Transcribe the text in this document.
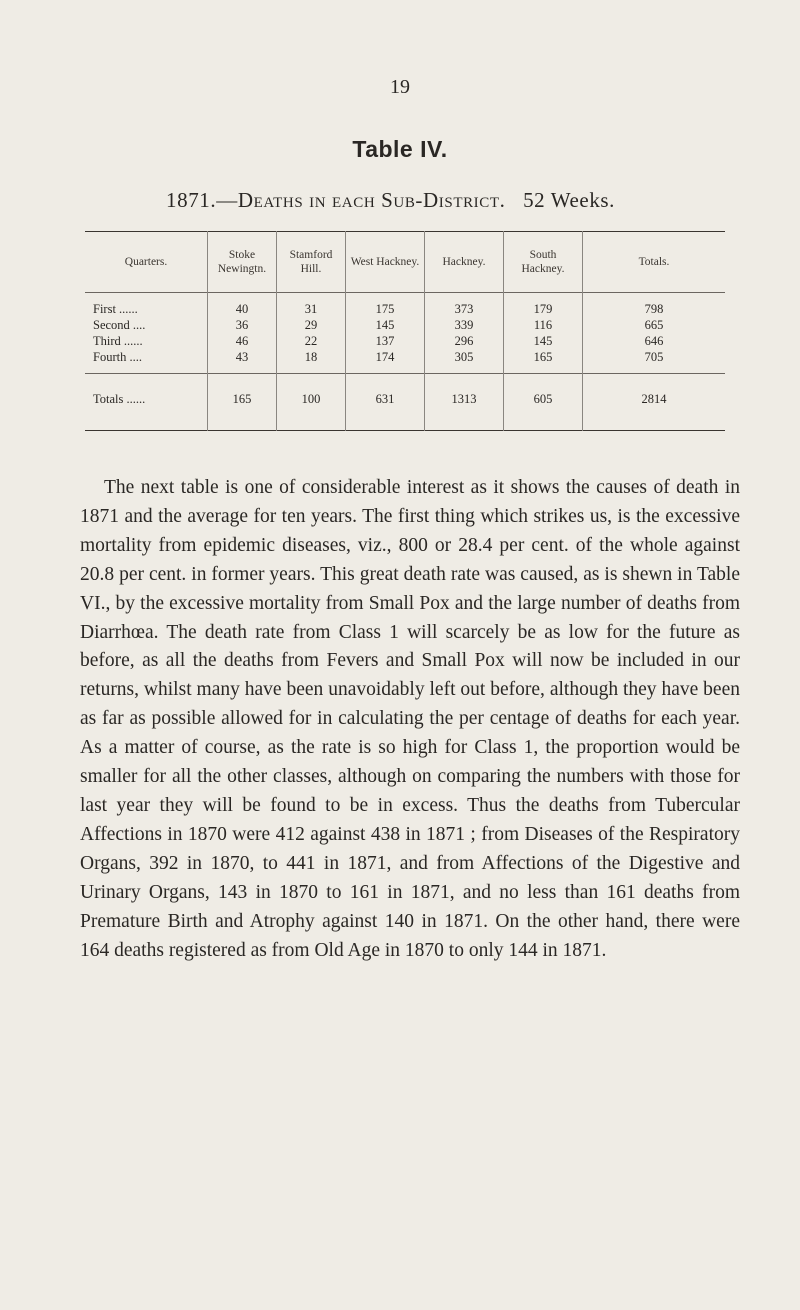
19
Table IV.
1871.—Deaths in each Sub-District. 52 Weeks.
Quarters.	Stoke Newingtn.	Stamford Hill.	West Hackney.	Hackney.	South Hackney.	Totals.
First ......	40	31	175	373	179	798
Second ....	36	29	145	339	116	665
Third ......	46	22	137	296	145	646
Fourth ....	43	18	174	305	165	705
Totals ......	165	100	631	1313	605	2814

The next table is one of considerable interest as it shows the causes of death in 1871 and the average for ten years. The first thing which strikes us, is the excessive mortality from epidemic diseases, viz., 800 or 28.4 per cent. of the whole against 20.8 per cent. in former years. This great death rate was caused, as is shewn in Table VI., by the excessive mortality from Small Pox and the large number of deaths from Diarrhœa. The death rate from Class 1 will scarcely be as low for the future as before, as all the deaths from Fevers and Small Pox will now be included in our returns, whilst many have been unavoidably left out before, although they have been as far as possible allowed for in calculating the per centage of deaths for each year. As a matter of course, as the rate is so high for Class 1, the proportion would be smaller for all the other classes, although on comparing the numbers with those for last year they will be found to be in excess. Thus the deaths from Tubercular Affections in 1870 were 412 against 438 in 1871 ; from Diseases of the Respiratory Organs, 392 in 1870, to 441 in 1871, and from Affections of the Digestive and Urinary Organs, 143 in 1870 to 161 in 1871, and no less than 161 deaths from Premature Birth and Atrophy against 140 in 1871. On the other hand, there were 164 deaths registered as from Old Age in 1870 to only 144 in 1871.
